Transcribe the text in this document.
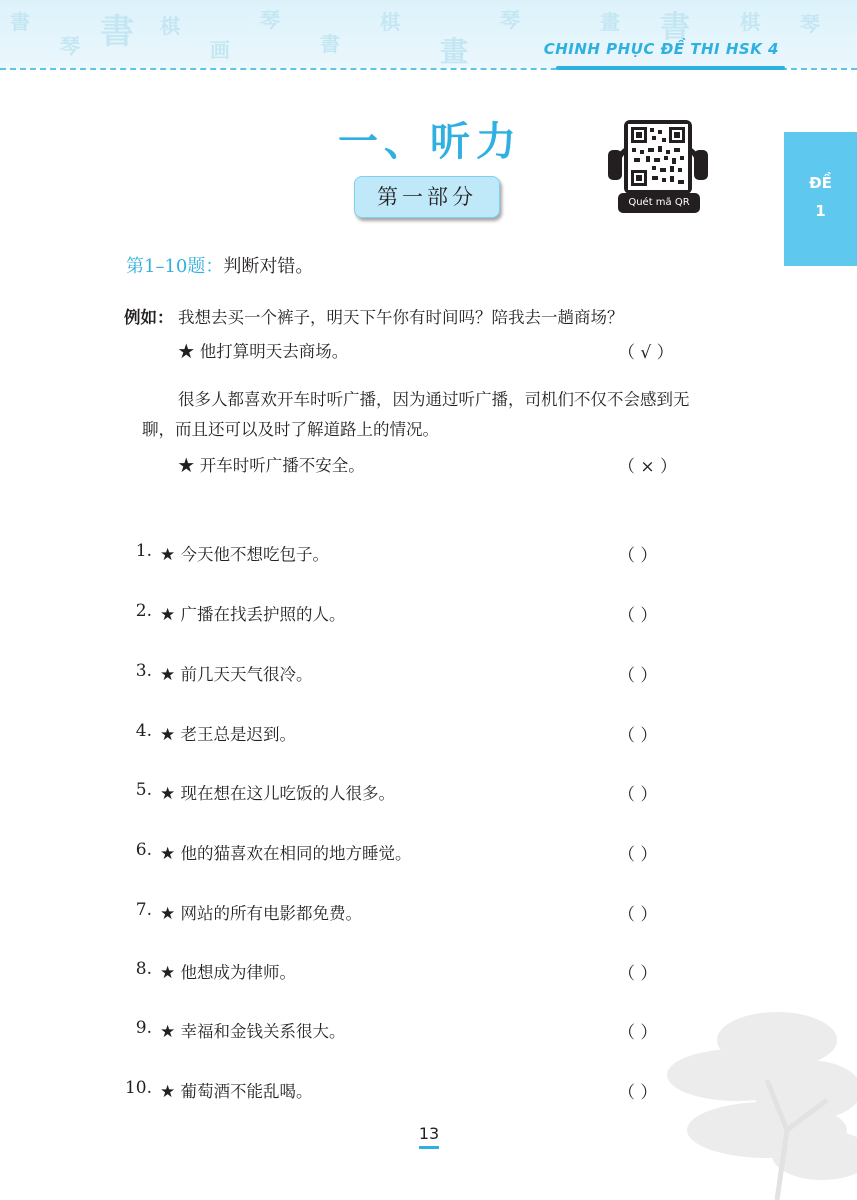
書
琴 書 棋
画
琴
書
棋
畫
琴	畫 書	棋 琴
CHINH PHỤC ĐỀ THI HSK 4
ĐỀ
1
一、听力
第一部分	Quét mã QR
第1–10题：判断对错。
例如： 我想去买一个裤子，明天下午你有时间吗？陪我去一趟商场？
★ 他打算明天去商场。	（ √ ）
很多人都喜欢开车时听广播，因为通过听广播，司机们不仅不会感到无
聊，而且还可以及时了解道路上的情况。
★ 开车时听广播不安全。	（ × ）
1. ★ 今天他不想吃包子。	（ ）
2. ★ 广播在找丢护照的人。	（ ）
3. ★ 前几天天气很冷。	（ ）
4. ★ 老王总是迟到。	（ ）
5. ★ 现在想在这儿吃饭的人很多。	（ ）
6. ★ 他的猫喜欢在相同的地方睡觉。	（ ）
7. ★ 网站的所有电影都免费。	（ ）
8. ★ 他想成为律师。	（ ）
9. ★ 幸福和金钱关系很大。	（ ）
10. ★ 葡萄酒不能乱喝。	（ ）
13
